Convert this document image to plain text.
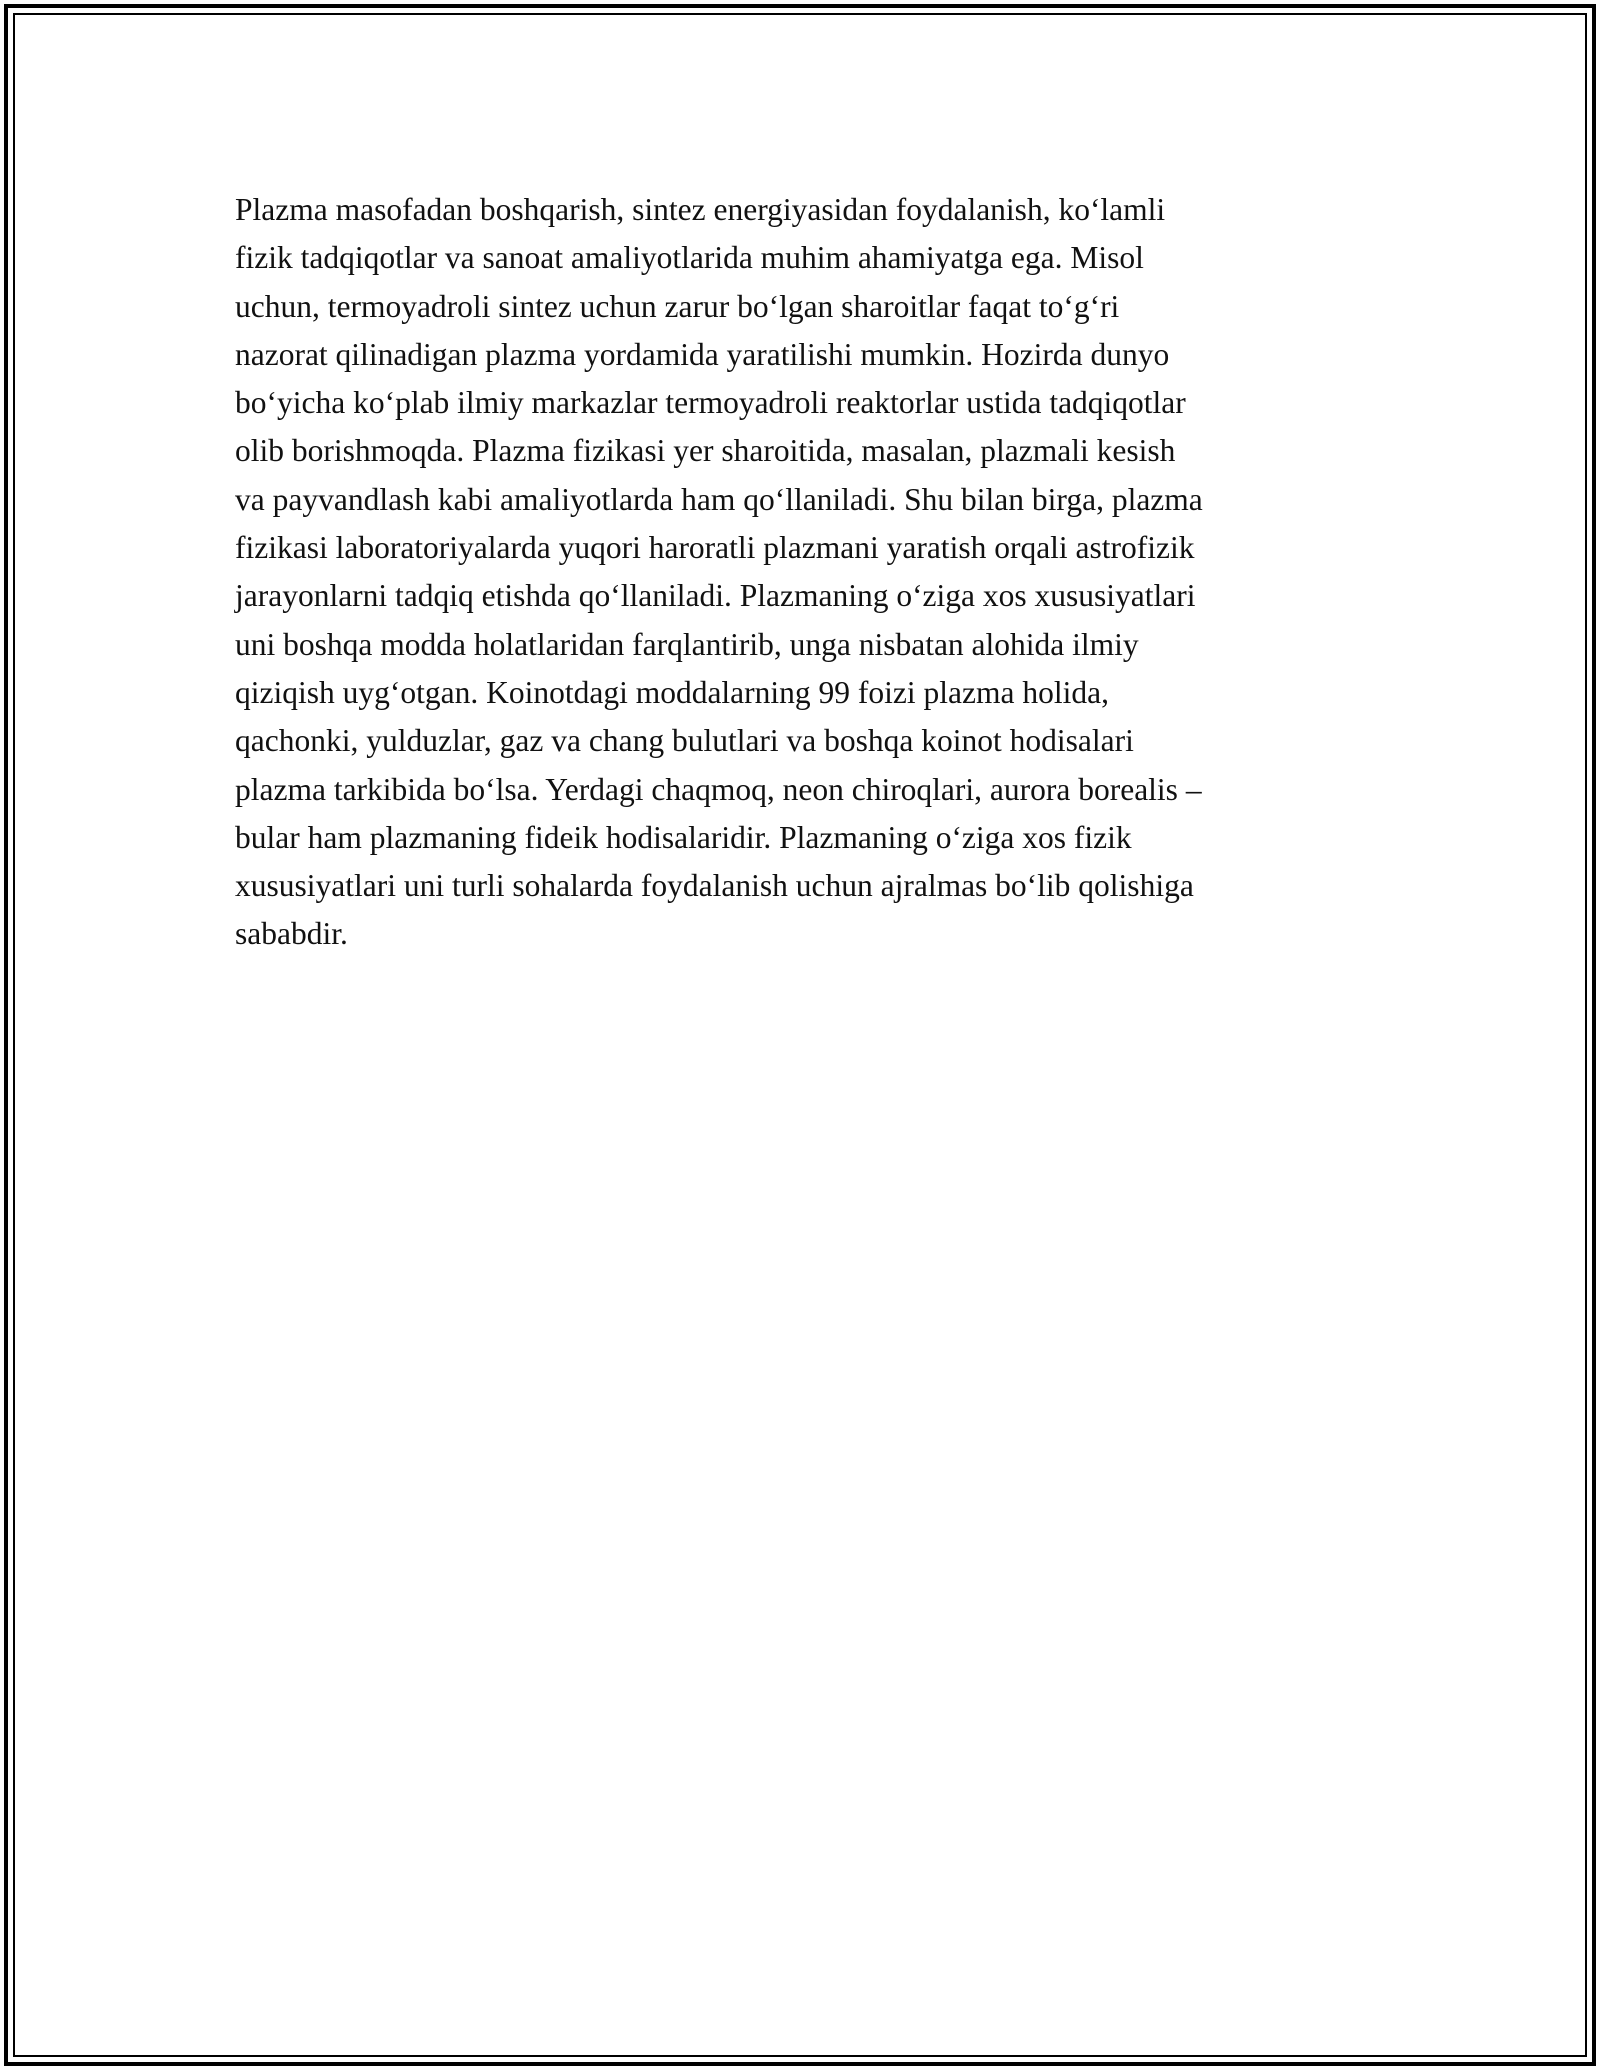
Plazma masofadan boshqarish, sintez energiyasidan foydalanish, ko‘lamli
fizik tadqiqotlar va sanoat amaliyotlarida muhim ahamiyatga ega. Misol
uchun, termoyadroli sintez uchun zarur bo‘lgan sharoitlar faqat to‘g‘ri
nazorat qilinadigan plazma yordamida yaratilishi mumkin. Hozirda dunyo
bo‘yicha ko‘plab ilmiy markazlar termoyadroli reaktorlar ustida tadqiqotlar
olib borishmoqda. Plazma fizikasi yer sharoitida, masalan, plazmali kesish
va payvandlash kabi amaliyotlarda ham qo‘llaniladi. Shu bilan birga, plazma
fizikasi laboratoriyalarda yuqori haroratli plazmani yaratish orqali astrofizik
jarayonlarni tadqiq etishda qo‘llaniladi. Plazmaning o‘ziga xos xususiyatlari
uni boshqa modda holatlaridan farqlantirib, unga nisbatan alohida ilmiy
qiziqish uyg‘otgan. Koinotdagi moddalarning 99 foizi plazma holida,
qachonki, yulduzlar, gaz va chang bulutlari va boshqa koinot hodisalari
plazma tarkibida bo‘lsa. Yerdagi chaqmoq, neon chiroqlari, aurora borealis –
bular ham plazmaning fideik hodisalaridir. Plazmaning o‘ziga xos fizik
xususiyatlari uni turli sohalarda foydalanish uchun ajralmas bo‘lib qolishiga
sababdir.
